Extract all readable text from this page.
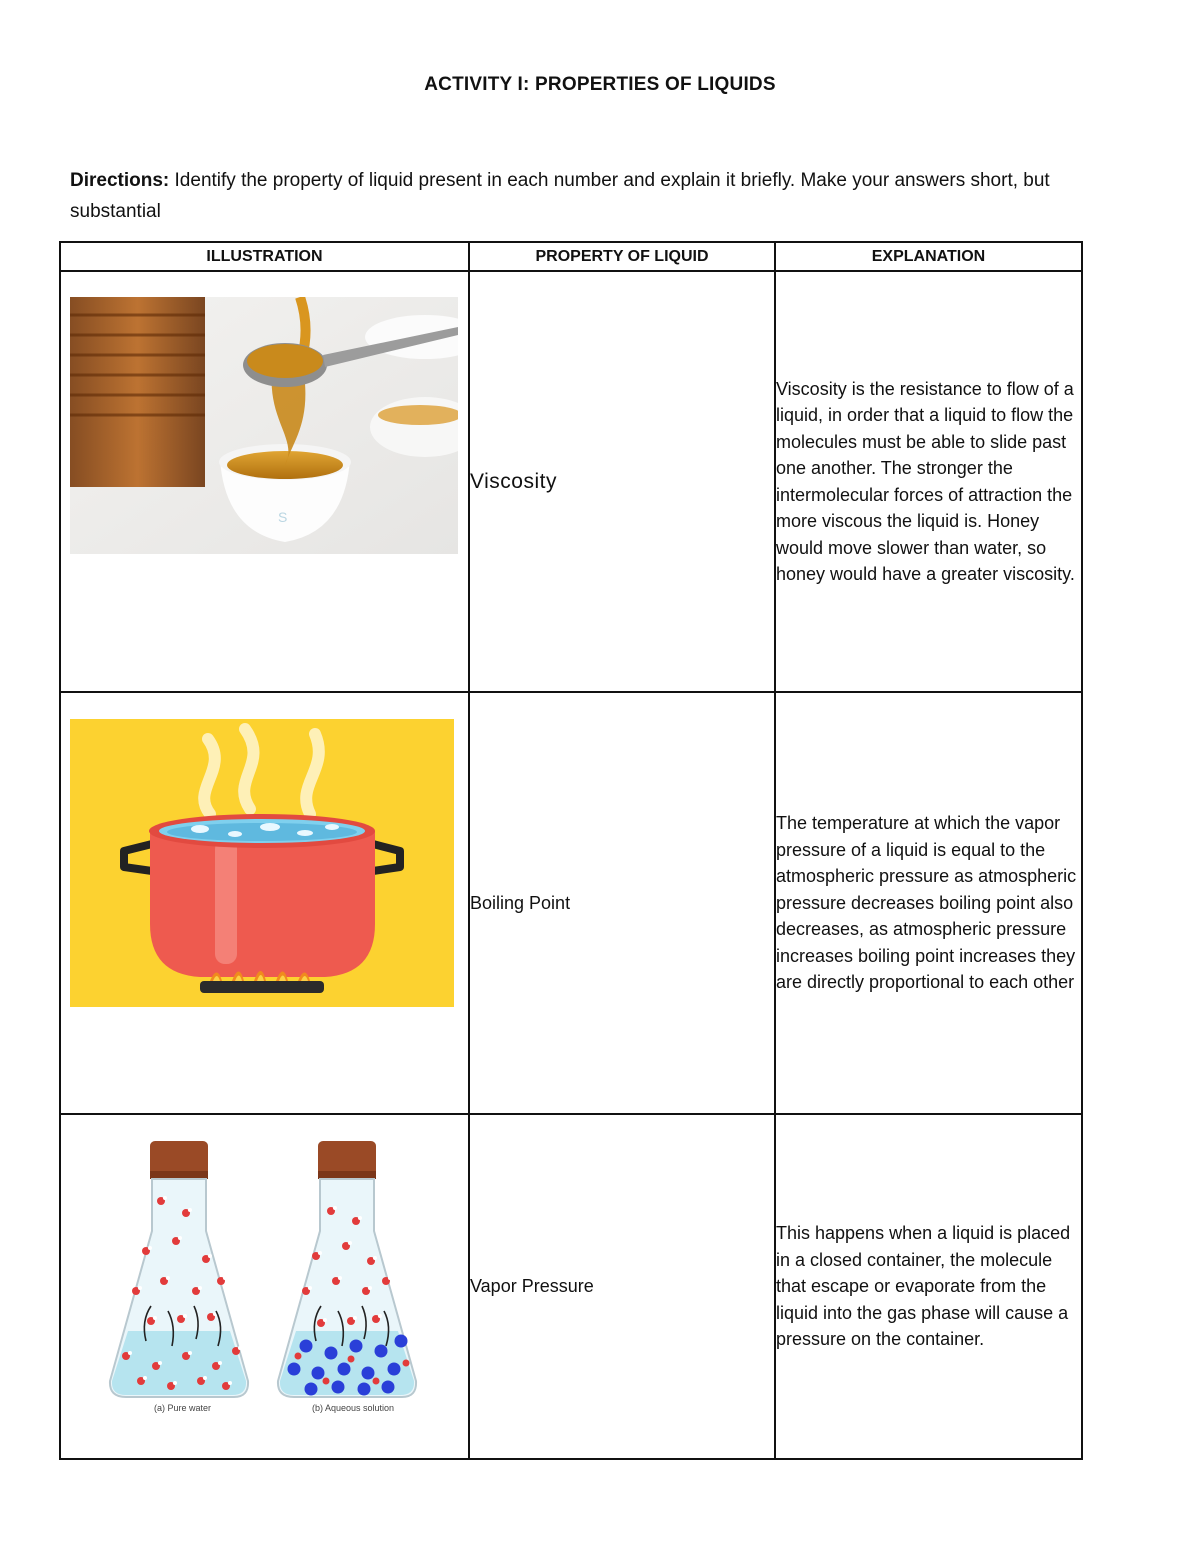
ACTIVITY I: PROPERTIES OF LIQUIDS
Directions: Identify the property of liquid present in each number and explain it briefly. Make your answers short, but substantial
ILLUSTRATION	PROPERTY OF LIQUID	EXPLANATION

S	Viscosity	Viscosity is the resistance to flow of a liquid, in order that a liquid to flow the molecules must be able to slide past one another. The stronger the intermolecular forces of attraction the more viscous the liquid is. Honey would move slower than water, so honey would have a greater viscosity.

	Boiling Point	The temperature at which the vapor pressure of a liquid is equal to the atmospheric pressure as atmospheric pressure decreases boiling point also decreases, as atmospheric pressure increases boiling point increases they are directly proportional to each other

(a) Pure water (b) Aqueous solution	Vapor Pressure	This happens when a liquid is placed in a closed container, the molecule that escape or evaporate from the liquid into the gas phase will cause a pressure on the container.
